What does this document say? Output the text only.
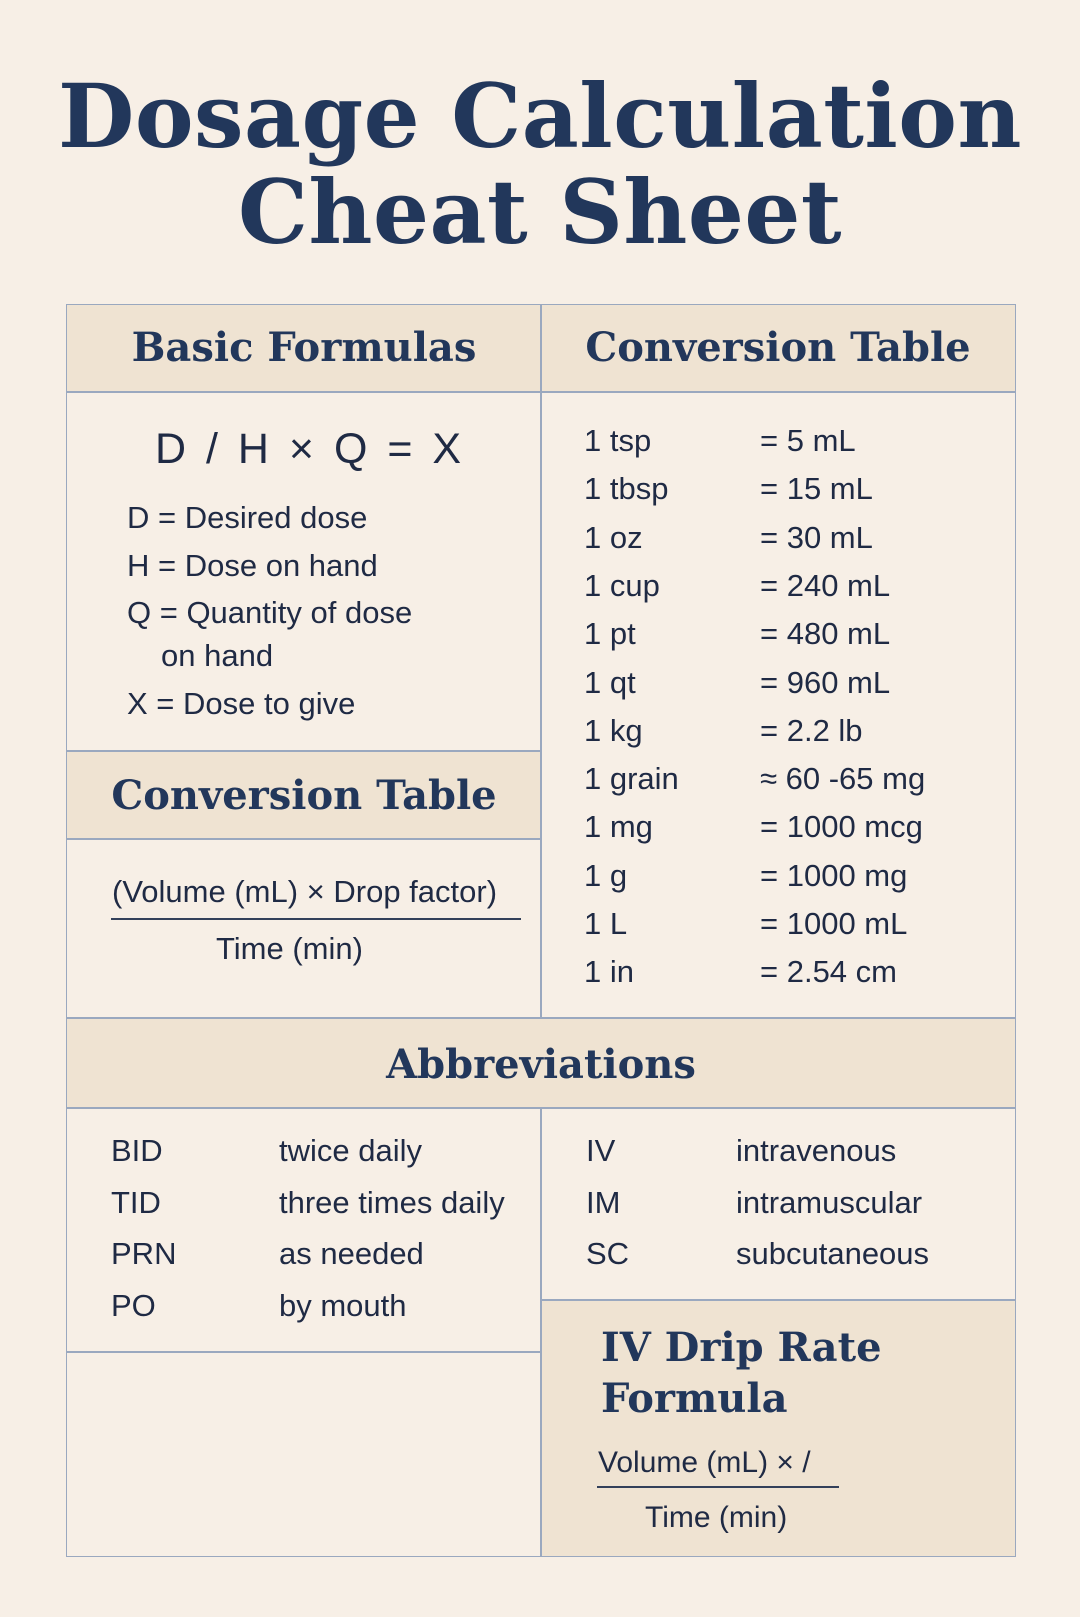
Dosage Calculation
Cheat Sheet
Basic Formulas
D / H × Q = X
D = Desired dose
H = Dose on hand
Q = Quantity of dose
on hand
X = Dose to give
Conversion Table
(Volume (mL) × Drop factor)
Time (min)
Conversion Table
1 tsp	= 5 mL
1 tbsp	= 15 mL
1 oz	= 30 mL
1 cup	= 240 mL
1 pt	= 480 mL
1 qt	= 960 mL
1 kg	= 2.2 lb
1 grain	≈ 60 -65 mg
1 mg	= 1000 mcg
1 g	= 1000 mg
1 L	= 1000 mL
1 in	= 2.54 cm
Abbreviations
BID	twice daily
TID	three times daily
PRN	as needed
PO	by mouth
IV	intravenous
IM	intramuscular
SC	subcutaneous
IV Drip Rate
Formula
Volume (mL) × /
Time (min)
